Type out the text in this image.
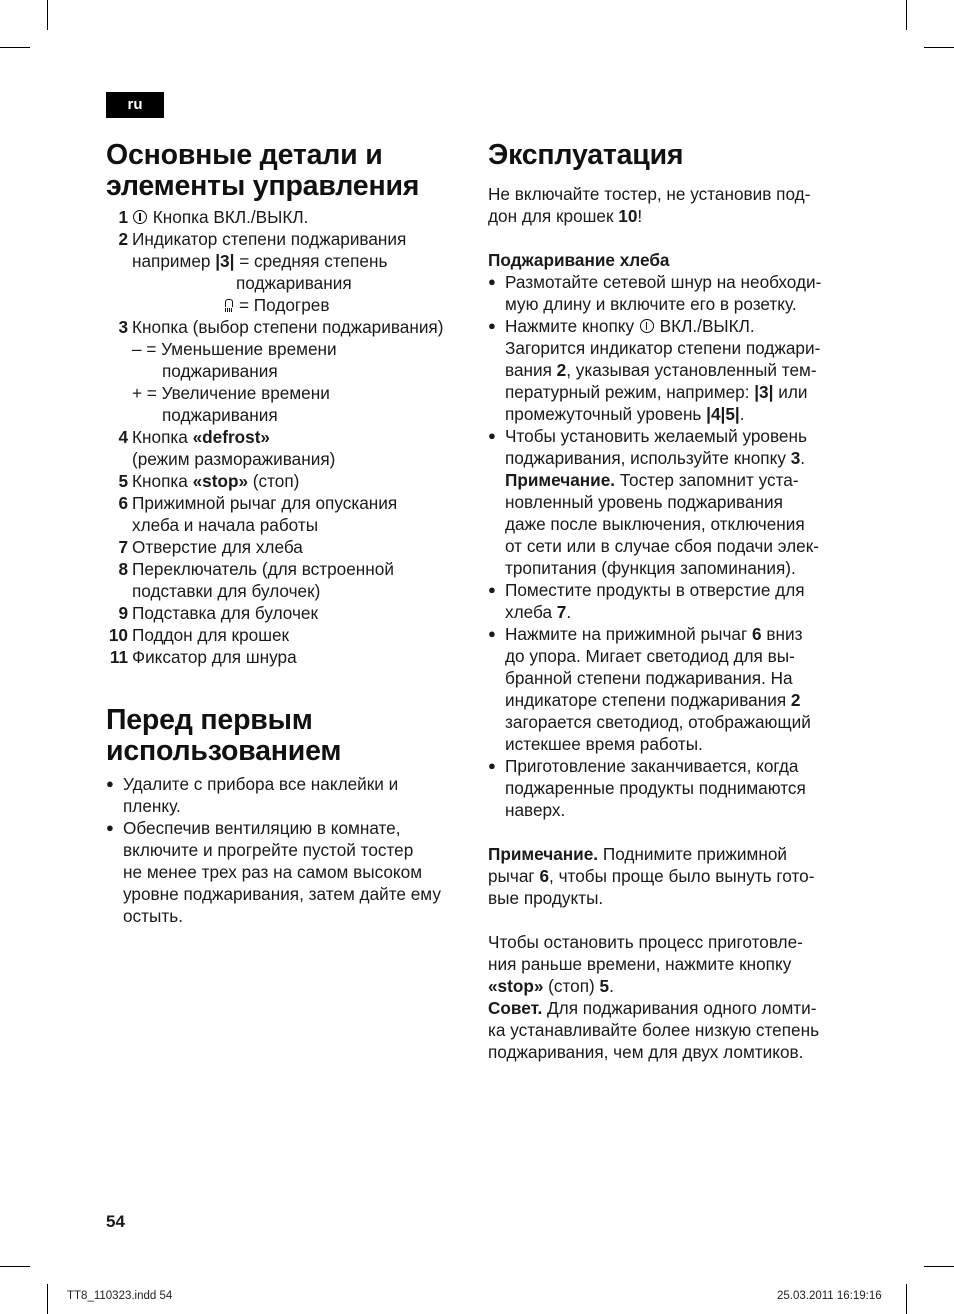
ru
Основные детали и
элементы управления
1	Кнопка ВКЛ./ВЫКЛ.
2 Индикатор степени поджаривания
например |3| = средняя степень
поджаривания
= Подогрев
3 Кнопка (выбор степени поджаривания)
– = Уменьшение времени
поджаривания
+ = Увеличение времени
поджаривания
4 Кнопка «defrost»
(режим размораживания)
5 Кнопка «stop» (стоп)
6 Прижимной рычаг для опускания
хлеба и начала работы
7 Отверстие для хлеба
8 Переключатель (для встроенной
подставки для булочек)
9 Подставка для булочек
10 Поддон для крошек
11 Фиксатор для шнура
Перед первым
использованием
● Удалите с прибора все наклейки и
пленку.
● Обеспечив вентиляцию в комнате,
включите и прогрейте пустой тостер
не менее трех раз на самом высоком
уровне поджаривания, затем дайте ему
остыть.
Эксплуатация
Не включайте тостер, не установив под-
дон для крошек 10!
Поджаривание хлеба
● Размотайте сетевой шнур на необходи-
мую длину и включите его в розетку.
● Нажмите кнопку  ВКЛ./ВЫКЛ.
Загорится индикатор степени поджари-
вания 2, указывая установленный тем-
пературный режим, например: |3| или
промежуточный уровень |4|5|.
● Чтобы установить желаемый уровень
поджаривания, используйте кнопку 3.
Примечание. Тостер запомнит уста-
новленный уровень поджаривания
даже после выключения, отключения
от сети или в случае сбоя подачи элек-
тропитания (функция запоминания).
● Поместите продукты в отверстие для
хлеба 7.
● Нажмите на прижимной рычаг 6 вниз
до упора. Мигает светодиод для вы-
бранной степени поджаривания. На
индикаторе степени поджаривания 2
загорается светодиод, отображающий
истекшее время работы.
● Приготовление заканчивается, когда
поджаренные продукты поднимаются
наверх.
Примечание. Поднимите прижимной
рычаг 6, чтобы проще было вынуть гото-
вые продукты.
Чтобы остановить процесс приготовле-
ния раньше времени, нажмите кнопку
«stop» (стоп) 5.
Совет. Для поджаривания одного ломти-
ка устанавливайте более низкую степень
поджаривания, чем для двух ломтиков.
54
TT8_110323.indd 54	25.03.2011 16:19:16
